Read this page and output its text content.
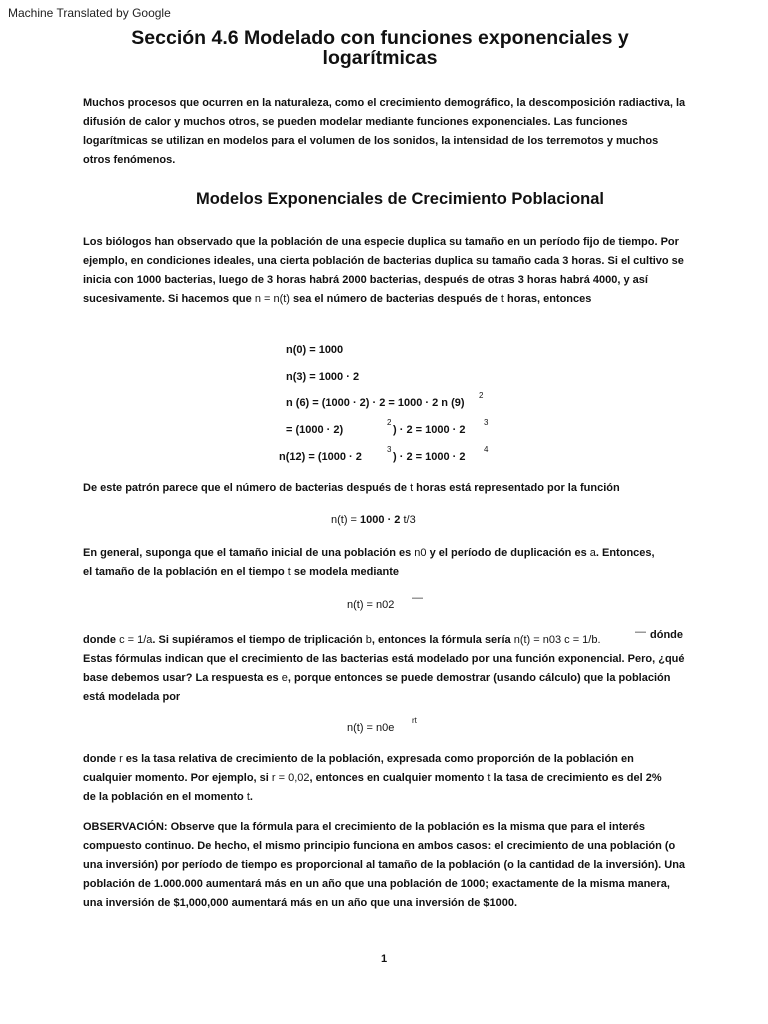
Machine Translated by Google
Sección 4.6 Modelado con funciones exponenciales y
logarítmicas
Muchos procesos que ocurren en la naturaleza, como el crecimiento demográfico, la descomposición radiactiva, la difusión de calor y muchos otros, se pueden modelar mediante funciones exponenciales. Las funciones logarítmicas se utilizan en modelos para el volumen de los sonidos, la intensidad de los terremotos y muchos otros fenómenos.
Modelos Exponenciales de Crecimiento Poblacional
Los biólogos han observado que la población de una especie duplica su tamaño en un período fijo de tiempo. Por ejemplo, en condiciones ideales, una cierta población de bacterias duplica su tamaño cada 3 horas. Si el cultivo se inicia con 1000 bacterias, luego de 3 horas habrá 2000 bacterias, después de otras 3 horas habrá 4000, y así sucesivamente. Si hacemos que n = n(t) sea el número de bacterias después de t horas, entonces
n(0) = 1000
n(3) = 1000 · 2
n (6) = (1000 · 2) · 2 = 1000 · 2 n (9)
2
= (1000 · 2)
2
) · 2 = 1000 · 2
3
n(12) = (1000 · 2
3
) · 2 = 1000 · 2
4
De este patrón parece que el número de bacterias después de t horas está representado por la función
n(t) = 1000 · 2 t/3
En general, suponga que el tamaño inicial de una población es n0 y el período de duplicación es a. Entonces,
el tamaño de la población en el tiempo t se modela mediante
n(t) = n02
—
donde c = 1/a. Si supiéramos el tiempo de triplicación b, entonces la fórmula sería n(t) = n03 c = 1/b.
— dónde
Estas fórmulas indican que el crecimiento de las bacterias está modelado por una función exponencial. Pero, ¿qué base debemos usar? La respuesta es e, porque entonces se puede demostrar (usando cálculo) que la población está modelada por
n(t) = n0e
rt
donde r es la tasa relativa de crecimiento de la población, expresada como proporción de la población en
cualquier momento. Por ejemplo, si r = 0,02, entonces en cualquier momento t la tasa de crecimiento es del 2%
de la población en el momento t.
OBSERVACIÓN: Observe que la fórmula para el crecimiento de la población es la misma que para el interés compuesto continuo. De hecho, el mismo principio funciona en ambos casos: el crecimiento de una población (o una inversión) por período de tiempo es proporcional al tamaño de la población (o la cantidad de la inversión). Una población de 1.000.000 aumentará más en un año que una población de 1000; exactamente de la misma manera, una inversión de $1,000,000 aumentará más en un año que una inversión de $1000.
1
